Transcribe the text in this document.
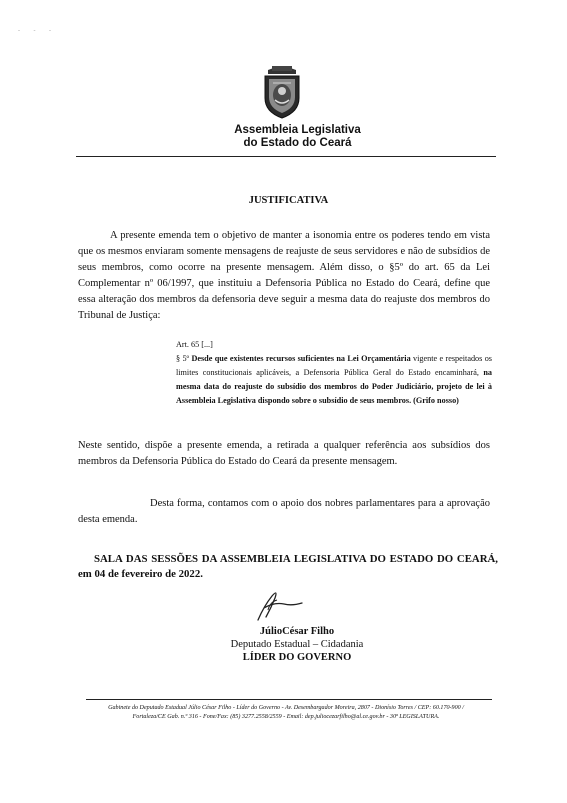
- - -
Assembleia Legislativa
do Estado do Ceará
JUSTIFICATIVA
A presente emenda tem o objetivo de manter a isonomia entre os poderes tendo em vista que os mesmos enviaram somente mensagens de reajuste de seus servidores e não de subsídios de seus membros, como ocorre na presente mensagem. Além disso, o §5º do art. 65 da Lei Complementar nº 06/1997, que instituiu a Defensoria Pública no Estado do Ceará, define que essa alteração dos membros da defensoria deve seguir a mesma data do reajuste dos membros do Tribunal de Justiça:
Art. 65 [...]
§ 5º Desde que existentes recursos suficientes na Lei Orçamentária vigente e respeitados os limites constitucionais aplicáveis, a Defensoria Pública Geral do Estado encaminhará, na mesma data do reajuste do subsídio dos membros do Poder Judiciário, projeto de lei à Assembleia Legislativa dispondo sobre o subsídio de seus membros. (Grifo nosso)
Neste sentido, dispõe a presente emenda, a retirada a qualquer referência aos subsídios dos membros da Defensoria Pública do Estado do Ceará da presente mensagem.
Desta forma, contamos com o apoio dos nobres parlamentares para a aprovação desta emenda.
SALA DAS SESSÕES DA ASSEMBLEIA LEGISLATIVA DO ESTADO DO CEARÁ, em 04 de fevereiro de 2022.
JúlioCésar Filho
Deputado Estadual – Cidadania
LÍDER DO GOVERNO
Gabinete do Deputado Estadual Júlio César Filho - Líder do Governo - Av. Desembargador Moreira, 2807 - Dionísio Torres / CEP: 60.170-900 /
Fortaleza/CE Gab. n.º 316 - Fone/Fax: (85) 3277.2558/2559 - Email: dep.juliocezarfilho@al.ce.gov.br - 30ª LEGISLATURA.
